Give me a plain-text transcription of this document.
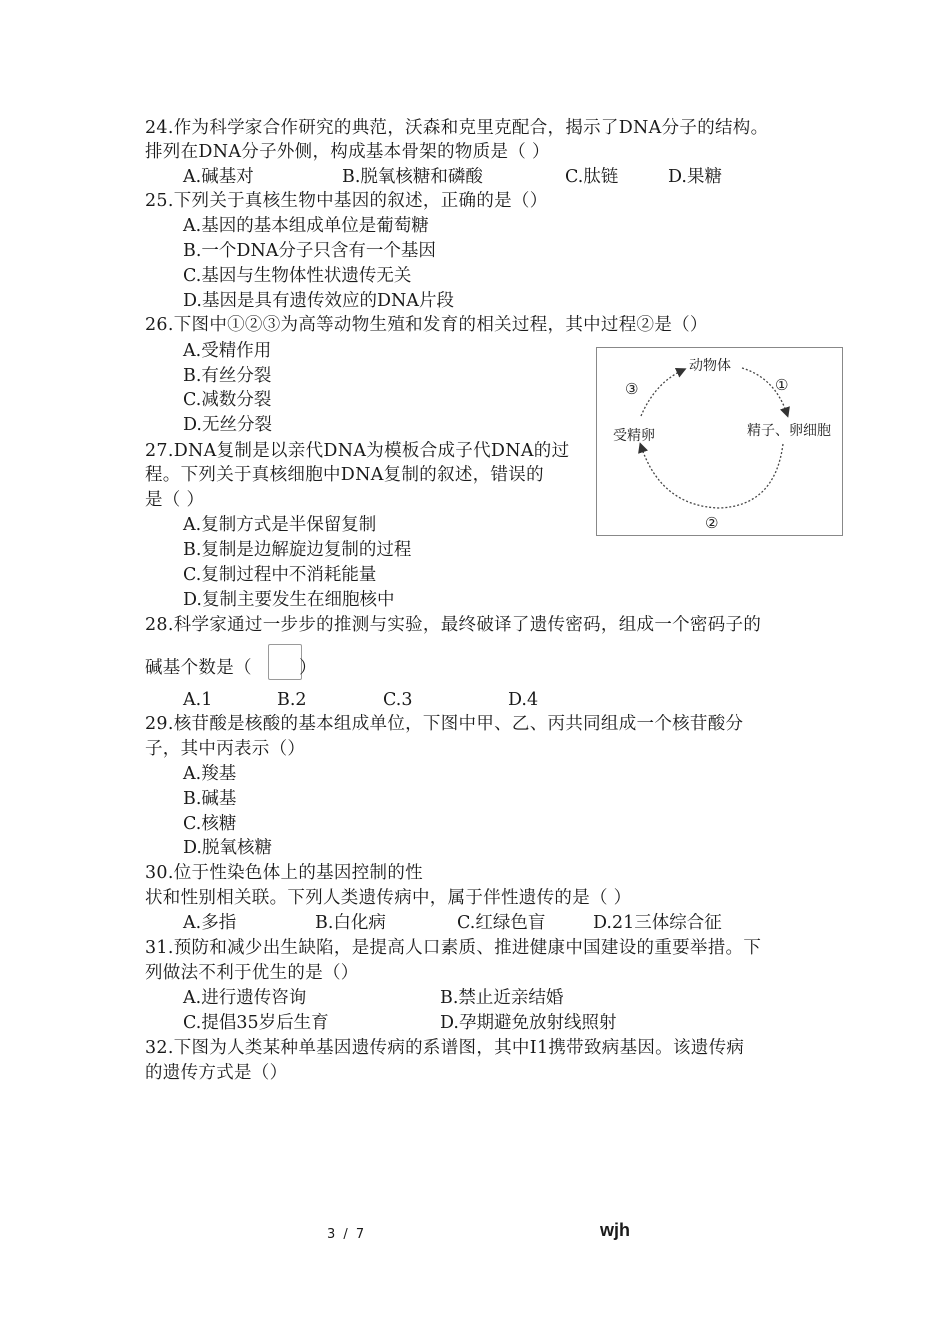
24.作为科学家合作研究的典范，沃森和克里克配合，揭示了DNA分子的结构。
排列在DNA分子外侧，构成基本骨架的物质是（ ）
A.碱基对	B.脱氧核糖和磷酸	C.肽链	D.果糖
25.下列关于真核生物中基因的叙述，正确的是（）
A.基因的基本组成单位是葡萄糖
B.一个DNA分子只含有一个基因
C.基因与生物体性状遗传无关
D.基因是具有遗传效应的DNA片段
26.下图中①②③为高等动物生殖和发育的相关过程，其中过程②是（）
A.受精作用
B.有丝分裂
C.减数分裂
D.无丝分裂
动物体
精子、卵细胞
受精卵
①
②
③
27.DNA复制是以亲代DNA为模板合成子代DNA的过
程。下列关于真核细胞中DNA复制的叙述，错误的
是（ ）
A.复制方式是半保留复制
B.复制是边解旋边复制的过程
C.复制过程中不消耗能量
D.复制主要发生在细胞核中
28.科学家通过一步步的推测与实验，最终破译了遗传密码，组成一个密码子的
碱基个数是（	）
A.1	B.2	C.3	D.4
29.核苷酸是核酸的基本组成单位，下图中甲、乙、丙共同组成一个核苷酸分
子，其中丙表示（）
A.羧基
B.碱基
C.核糖
D.脱氧核糖
30.位于性染色体上的基因控制的性
状和性别相关联。下列人类遗传病中，属于伴性遗传的是（ ）
A.多指	B.白化病	C.红绿色盲	D.21三体综合征
31.预防和减少出生缺陷，是提高人口素质、推进健康中国建设的重要举措。下
列做法不利于优生的是（）
A.进行遗传咨询	B.禁止近亲结婚
C.提倡35岁后生育	D.孕期避免放射线照射
32.下图为人类某种单基因遗传病的系谱图，其中Ⅰ1携带致病基因。该遗传病
的遗传方式是（）
3 / 7	wjh
